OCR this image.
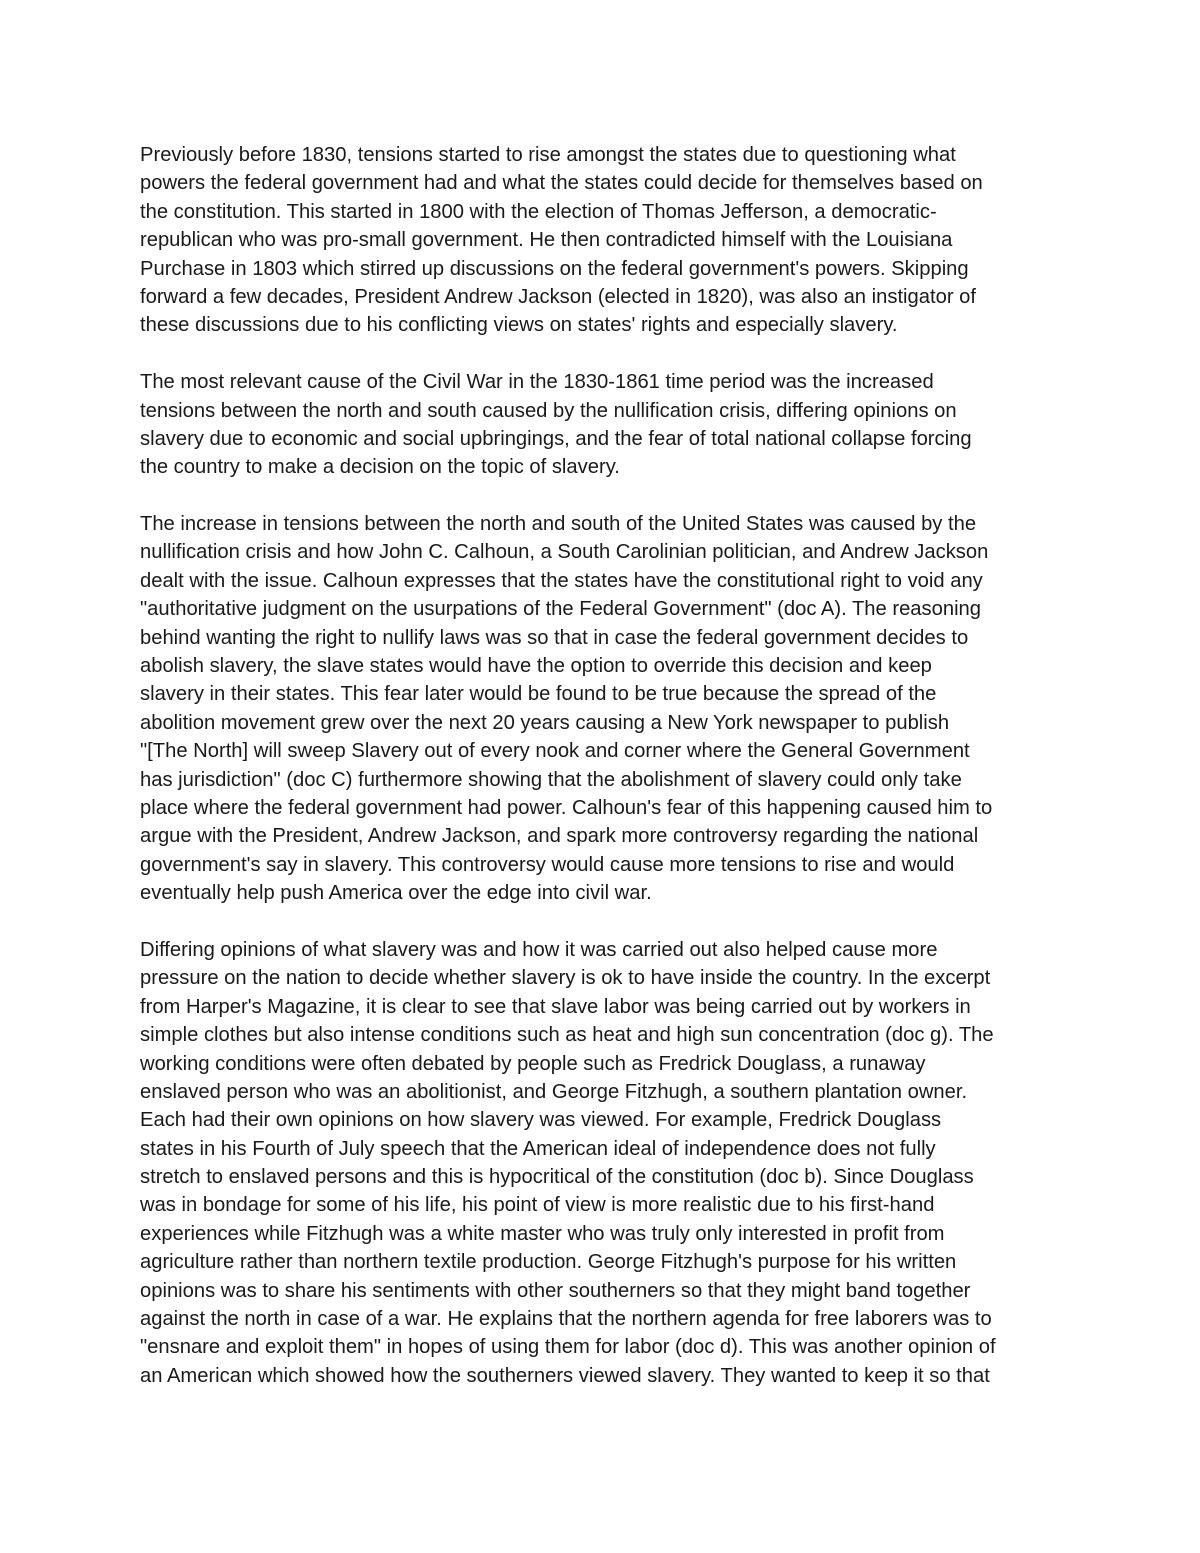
Previously before 1830, tensions started to rise amongst the states due to questioning what
powers the federal government had and what the states could decide for themselves based on
the constitution. This started in 1800 with the election of Thomas Jefferson, a democratic-
republican who was pro-small government. He then contradicted himself with the Louisiana
Purchase in 1803 which stirred up discussions on the federal government's powers. Skipping
forward a few decades, President Andrew Jackson (elected in 1820), was also an instigator of
these discussions due to his conflicting views on states' rights and especially slavery.
The most relevant cause of the Civil War in the 1830-1861 time period was the increased
tensions between the north and south caused by the nullification crisis, differing opinions on
slavery due to economic and social upbringings, and the fear of total national collapse forcing
the country to make a decision on the topic of slavery.
The increase in tensions between the north and south of the United States was caused by the
nullification crisis and how John C. Calhoun, a South Carolinian politician, and Andrew Jackson
dealt with the issue. Calhoun expresses that the states have the constitutional right to void any
"authoritative judgment on the usurpations of the Federal Government" (doc A). The reasoning
behind wanting the right to nullify laws was so that in case the federal government decides to
abolish slavery, the slave states would have the option to override this decision and keep
slavery in their states. This fear later would be found to be true because the spread of the
abolition movement grew over the next 20 years causing a New York newspaper to publish
"[The North] will sweep Slavery out of every nook and corner where the General Government
has jurisdiction" (doc C) furthermore showing that the abolishment of slavery could only take
place where the federal government had power. Calhoun's fear of this happening caused him to
argue with the President, Andrew Jackson, and spark more controversy regarding the national
government's say in slavery. This controversy would cause more tensions to rise and would
eventually help push America over the edge into civil war.
Differing opinions of what slavery was and how it was carried out also helped cause more
pressure on the nation to decide whether slavery is ok to have inside the country. In the excerpt
from Harper's Magazine, it is clear to see that slave labor was being carried out by workers in
simple clothes but also intense conditions such as heat and high sun concentration (doc g). The
working conditions were often debated by people such as Fredrick Douglass, a runaway
enslaved person who was an abolitionist, and George Fitzhugh, a southern plantation owner.
Each had their own opinions on how slavery was viewed. For example, Fredrick Douglass
states in his Fourth of July speech that the American ideal of independence does not fully
stretch to enslaved persons and this is hypocritical of the constitution (doc b). Since Douglass
was in bondage for some of his life, his point of view is more realistic due to his first-hand
experiences while Fitzhugh was a white master who was truly only interested in profit from
agriculture rather than northern textile production. George Fitzhugh's purpose for his written
opinions was to share his sentiments with other southerners so that they might band together
against the north in case of a war. He explains that the northern agenda for free laborers was to
"ensnare and exploit them" in hopes of using them for labor (doc d). This was another opinion of
an American which showed how the southerners viewed slavery. They wanted to keep it so that
